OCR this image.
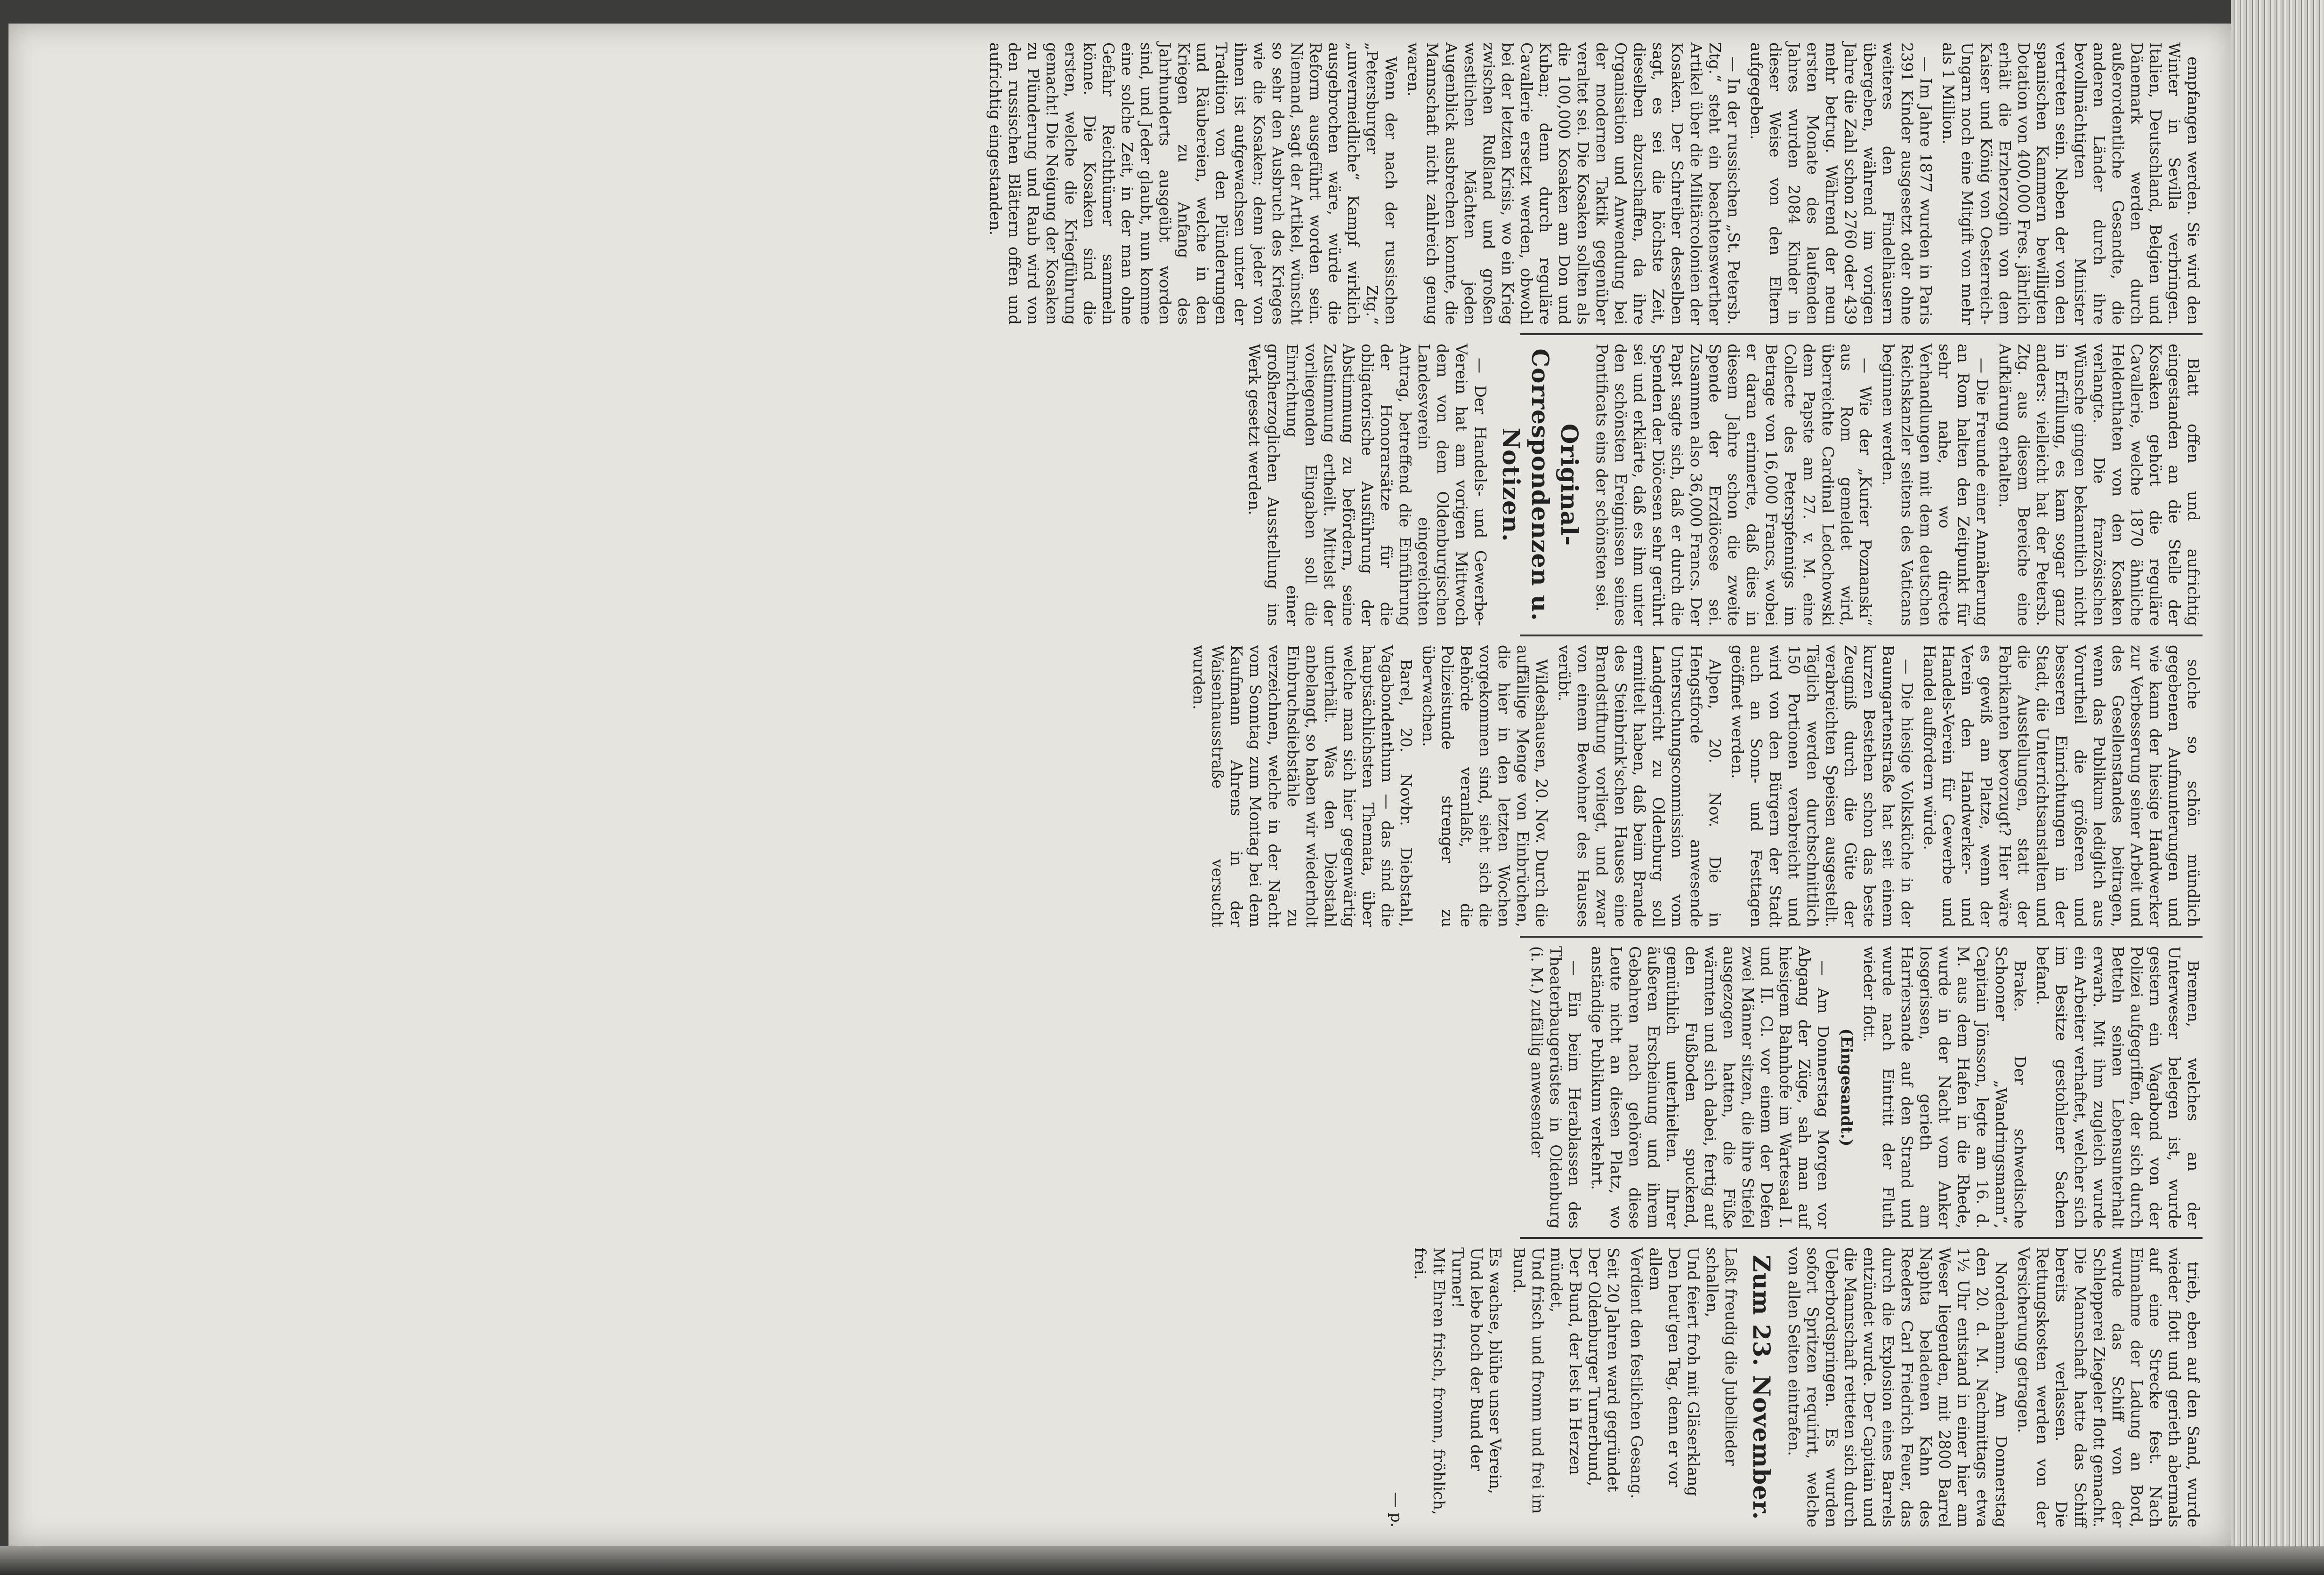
empfangen werden. Sie wird den Winter in Sevilla verbringen. Italien, Deutschland, Belgien und Dänemark werden durch außerordentliche Gesandte, die anderen Länder durch ihre bevollmächtigten Minister vertreten sein. Neben der von den spanischen Kammern bewilligten Dotation von 400,000 Fres. jährlich erhält die Erzherzogin von dem Kaiser und König von Oesterreich-Ungarn noch eine Mitgift von mehr als 1 Million.

— Im Jahre 1877 wurden in Paris 2391 Kinder ausgesetzt oder ohne weiteres den Findelhäusern übergeben, während im vorigen Jahre die Zahl schon 2760 oder 439 mehr betrug. Während der neun ersten Monate des laufenden Jahres wurden 2084 Kinder in dieser Weise von den Eltern aufgegeben.

— In der russischen „St. Petersb. Ztg.“ steht ein beachtenswerther Artikel über die Militärcolonien der Kosaken. Der Schreiber desselben sagt, es sei die höchste Zeit, dieselben abzuschaffen, da ihre Organisation und Anwendung bei der modernen Taktik gegenüber veraltet sei. Die Kosaken sollten als die 100,000 Kosaken am Don und Kuban; denn durch reguläre Cavallerie ersetzt werden, obwohl bei der letzten Krisis, wo ein Krieg zwischen Rußland und großen westlichen Mächten jeden Augenblick ausbrechen konnte, die Mannschaft nicht zahlreich genug waren.

Wenn der nach der russischen „Petersburger Ztg.“ „unvermeidliche“ Kampf wirklich ausgebrochen wäre, würde die Reform ausgeführt worden sein. Niemand, sagt der Artikel, wünscht so sehr den Ausbruch des Krieges wie die Kosaken; denn jeder von ihnen ist aufgewachsen unter der Tradition von den Plünderungen und Räubereien, welche in den Kriegen zu Anfang des Jahrhunderts ausgeübt worden sind, und Jeder glaubt, nun komme eine solche Zeit, in der man ohne Gefahr Reichthümer sammeln könne. Die Kosaken sind die ersten, welche die Kriegführung gemacht! Die Neigung der Kosaken zu Plünderung und Raub wird von den russischen Blättern offen und aufrichtig eingestanden.

Blatt offen und aufrichtig eingestanden an die Stelle der Kosaken gehört die reguläre Cavallerie, welche 1870 ähnliche Heldenthaten von den Kosaken verlangte. Die französischen Wünsche gingen bekanntlich nicht in Erfüllung, es kam sogar ganz anders: vielleicht hat der Petersb. Ztg. aus diesem Bereiche eine Aufklärung erhalten.

— Die Freunde einer Annäherung an Rom halten den Zeitpunkt für sehr nahe, wo directe Verhandlungen mit dem deutschen Reichskanzler seitens des Vaticans beginnen werden.

— Wie der „Kurier Poznanski“ aus Rom gemeldet wird, überreichte Cardinal Ledochowski dem Papste am 27. v. M. eine Collecte des Peterspfennigs im Betrage von 16,000 Francs, wobei er daran erinnerte, daß dies in diesem Jahre schon die zweite Spende der Erzdiöcese sei. Zusammen also 36,000 Francs. Der Papst sagte sich, daß er durch die Spenden der Diöcesen sehr gerührt sei und erklärte, daß es ihm unter den schönsten Ereignissen seines Pontificats eins der schönsten sei.

Original-Correspondenzen u. Notizen.

— Der Handels- und Gewerbe-Verein hat am vorigen Mittwoch dem von dem Oldenburgischen Landesverein eingereichten Antrag, betreffend die Einführung der Honorarsätze für die obligatorische Ausführung der Abstimmung zu befördern, seine Zustimmung ertheilt. Mittelst der vorliegenden Eingaben soll die Einrichtung einer großherzoglichen Ausstellung ins Werk gesetzt werden.

solche so schön mündlich gegebenen Aufmunterungen und wie kann der hiesige Handwerker zur Verbesserung seiner Arbeit und des Gesellenstandes beitragen, wenn das Publikum lediglich aus Vorurtheil die größeren und besseren Einrichtungen in der Stadt, die Unterrichtsanstalten und die Ausstellungen, statt der Fabrikanten bevorzugt? Hier wäre es gewiß am Platze, wenn der Verein den Handwerker- und Handels-Verein für Gewerbe und Handel auffordern würde.

— Die hiesige Volksküche in der Baumgartenstraße hat seit einem kurzen Bestehen schon das beste Zeugniß durch die Güte der verabreichten Speisen ausgestellt. Täglich werden durchschnittlich 150 Portionen verabreicht und wird von den Bürgern der Stadt auch an Sonn- und Festtagen geöffnet werden.

Alpen, 20. Nov. Die in Hengstforde anwesende Untersuchungscommission vom Landgericht zu Oldenburg soll ermittelt haben, daß beim Brande des Steinbrink'schen Hauses eine Brandstiftung vorliegt, und zwar von einem Bewohner des Hauses verübt.

Wildeshausen, 20. Nov. Durch die auffällige Menge von Einbrüchen, die hier in den letzten Wochen vorgekommen sind, sieht sich die Behörde veranlaßt, die Polizeistunde strenger zu überwachen.

Barel, 20. Novbr. Diebstahl, Vagabondenthum — das sind die hauptsächlichsten Themata, über welche man sich hier gegenwärtig unterhält. Was den Diebstahl anbelangt, so haben wir wiederholt Einbruchsdiebstähle zu verzeichnen, welche in der Nacht vom Sonntag zum Montag bei dem Kaufmann Ahrens in der Waisenhausstraße versucht wurden.

Bremen, welches an der Unterweser belegen ist, wurde gestern ein Vagabond von der Polizei aufgegriffen, der sich durch Betteln seinen Lebensunterhalt erwarb. Mit ihm zugleich wurde ein Arbeiter verhaftet, welcher sich im Besitze gestohlener Sachen befand.

Brake. Der schwedische Schooner „Wandringsmann“, Capitain Jönsson, legte am 16. d. M. aus dem Hafen in die Rhede, wurde in der Nacht vom Anker losgerissen, gerieth am Harriersande auf den Strand und wurde nach Eintritt der Fluth wieder flott.

(Eingesandt.)

— Am Donnerstag Morgen vor Abgang der Züge, sah man auf hiesigem Bahnhofe im Wartesaal I. und II. Cl. vor einem der Defen zwei Männer sitzen, die ihre Stiefel ausgezogen hatten, die Füße wärmten und sich dabei, fertig auf den Fußboden spuckend, gemüthlich unterhielten. Ihrer äußeren Erscheinung und ihrem Gebahren nach gehören diese Leute nicht an diesen Platz, wo anständige Publikum verkehrt.

— Ein beim Herablassen des Theaterbaugerüstes in Oldenburg (i. M.) zufällig anwesender

trieb, eben auf den Sand, wurde wieder flott und gerieth abermals auf eine Strecke fest. Nach Einnahme der Ladung an Bord, wurde das Schiff von der Schlepperei Ziegeler flott gemacht. Die Mannschaft hatte das Schiff bereits verlassen. Die Rettungskosten werden von der Versicherung getragen.

Nordenhamm. Am Donnerstag den 20. d. M. Nachmittags etwa 1½ Uhr entstand in einer hier am Weser liegenden, mit 2800 Barrel Naphta beladenen Kahn des Reeders Carl Friedrich Feuer, das durch die Explosion eines Barrels entzündet wurde. Der Capitain und die Mannschaft retteten sich durch Ueberbordspringen. Es wurden sofort Spritzen requirirt, welche von allen Seiten eintrafen.

Zum 23. November.

Laßt freudig die Jubellieder schallen,
Und feiert froh mit Gläserklang
Den heut'gen Tag, denn er vor allem
Verdient den festlichen Gesang.

Seit 20 Jahren ward gegründet
Der Oldenburger Turnerbund,
Der Bund, der lest in Herzen mündet,
Und frisch und fromm und frei im Bund.

Es wachse, blühe unser Verein,
Und lebe hoch der Bund der Turner!
Mit Ehren frisch, fromm, fröhlich, frei.

— p.
